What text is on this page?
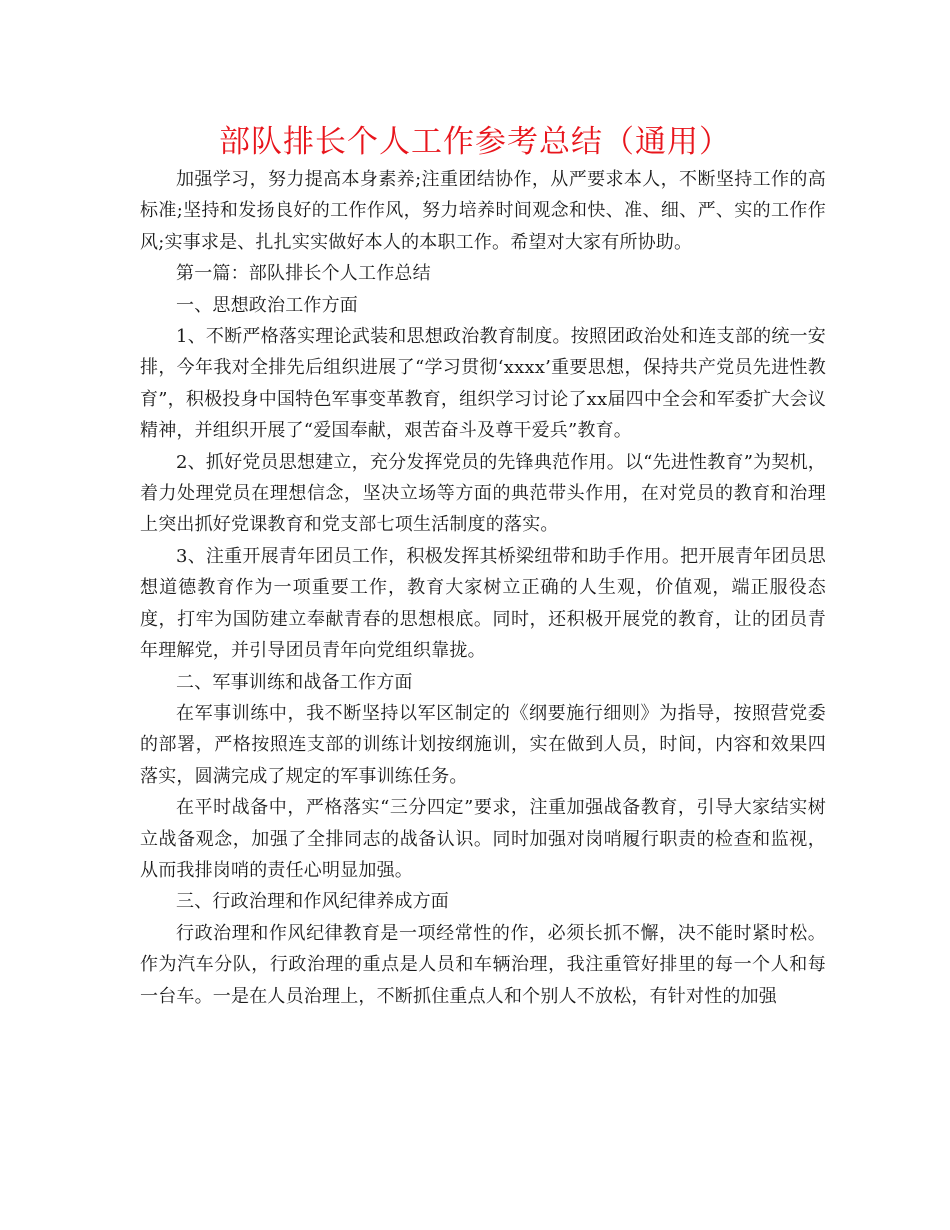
部队排长个人工作参考总结（通用）

加强学习，努力提高本身素养;注重团结协作，从严要求本人，不断坚持工作的高标准;坚持和发扬良好的工作作风，努力培养时间观念和快、准、细、严、实的工作作风;实事求是、扎扎实实做好本人的本职工作。希望对大家有所协助。

第一篇：部队排长个人工作总结

一、思想政治工作方面

1、不断严格落实理论武装和思想政治教育制度。按照团政治处和连支部的统一安排，今年我对全排先后组织进展了“学习贯彻‘xxxx’重要思想，保持共产党员先进性教育”，积极投身中国特色军事变革教育，组织学习讨论了xx届四中全会和军委扩大会议精神，并组织开展了“爱国奉献，艰苦奋斗及尊干爱兵”教育。

2、抓好党员思想建立，充分发挥党员的先锋典范作用。以“先进性教育”为契机，着力处理党员在理想信念，坚决立场等方面的典范带头作用，在对党员的教育和治理上突出抓好党课教育和党支部七项生活制度的落实。

3、注重开展青年团员工作，积极发挥其桥梁纽带和助手作用。把开展青年团员思想道德教育作为一项重要工作，教育大家树立正确的人生观，价值观，端正服役态度，打牢为国防建立奉献青春的思想根底。同时，还积极开展党的教育，让的团员青年理解党，并引导团员青年向党组织靠拢。

二、军事训练和战备工作方面

在军事训练中，我不断坚持以军区制定的《纲要施行细则》为指导，按照营党委的部署，严格按照连支部的训练计划按纲施训，实在做到人员，时间，内容和效果四落实，圆满完成了规定的军事训练任务。

在平时战备中，严格落实“三分四定”要求，注重加强战备教育，引导大家结实树立战备观念，加强了全排同志的战备认识。同时加强对岗哨履行职责的检查和监视，从而我排岗哨的责任心明显加强。

三、行政治理和作风纪律养成方面

行政治理和作风纪律教育是一项经常性的作，必须长抓不懈，决不能时紧时松。作为汽车分队，行政治理的重点是人员和车辆治理，我注重管好排里的每一个人和每一台车。一是在人员治理上，不断抓住重点人和个别人不放松，有针对性的加强
